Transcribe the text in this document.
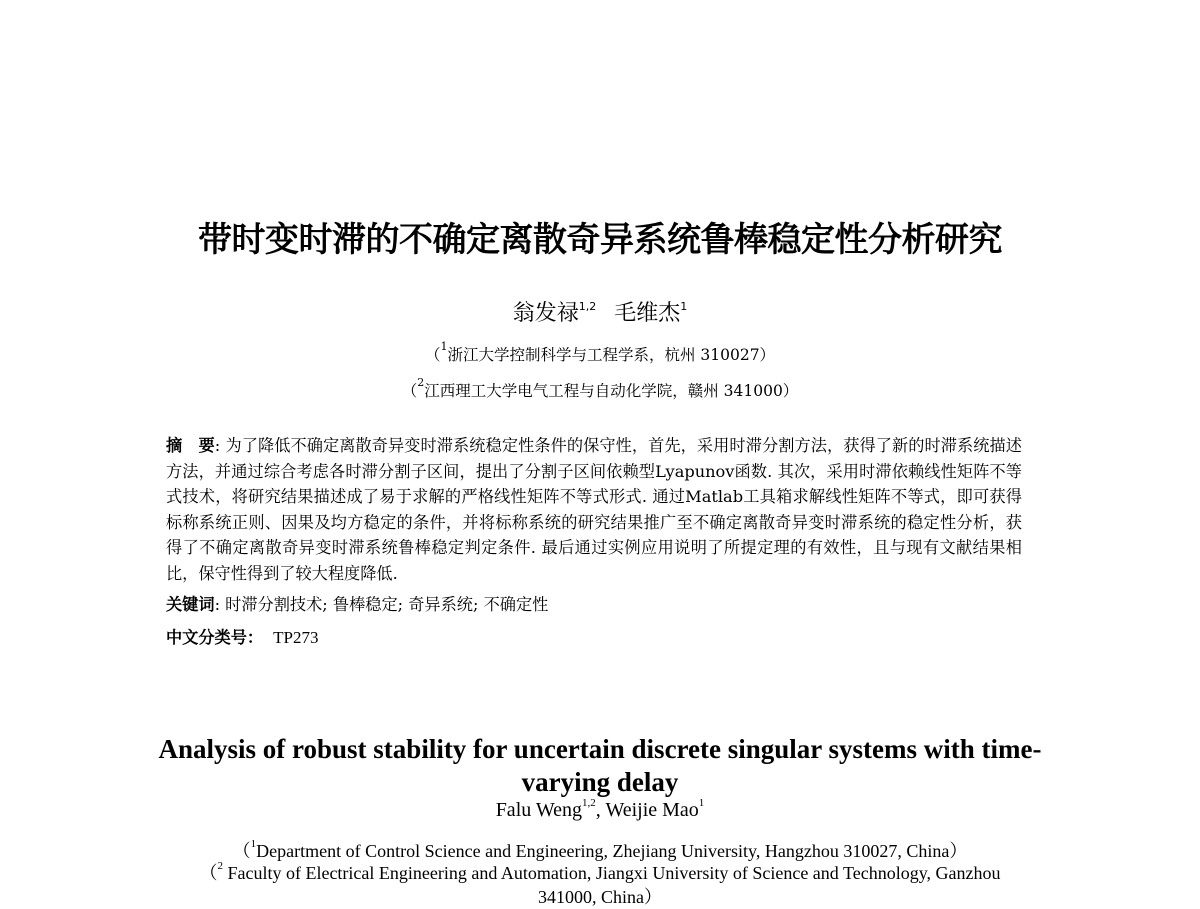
带时变时滞的不确定离散奇异系统鲁棒稳定性分析研究
翁发禄$^{1,2}$ 毛维杰$^1$
（$^1$浙江大学控制科学与工程学系，杭州 310027）
（$^2$江西理工大学电气工程与自动化学院，赣州 341000）
摘　要: 为了降低不确定离散奇异变时滞系统稳定性条件的保守性，首先，采用时滞分割方法，获得了新的时滞系统描述方法，并通过综合考虑各时滞分割子区间，提出了分割子区间依赖型Lyapunov函数. 其次，采用时滞依赖线性矩阵不等式技术，将研究结果描述成了易于求解的严格线性矩阵不等式形式. 通过Matlab工具箱求解线性矩阵不等式，即可获得标称系统正则、因果及均方稳定的条件，并将标称系统的研究结果推广至不确定离散奇异变时滞系统的稳定性分析，获得了不确定离散奇异变时滞系统鲁棒稳定判定条件. 最后通过实例应用说明了所提定理的有效性，且与现有文献结果相比，保守性得到了较大程度降低.
关键词: 时滞分割技术; 鲁棒稳定; 奇异系统; 不确定性
中文分类号： TP273
Analysis of robust stability for uncertain discrete singular systems with time-varying delay
Falu Weng$^{1,2}$, Weijie Mao$^1$
（$^1$Department of Control Science and Engineering, Zhejiang University, Hangzhou 310027, China）
（$^2$ Faculty of Electrical Engineering and Automation, Jiangxi University of Science and Technology, Ganzhou 341000, China）
